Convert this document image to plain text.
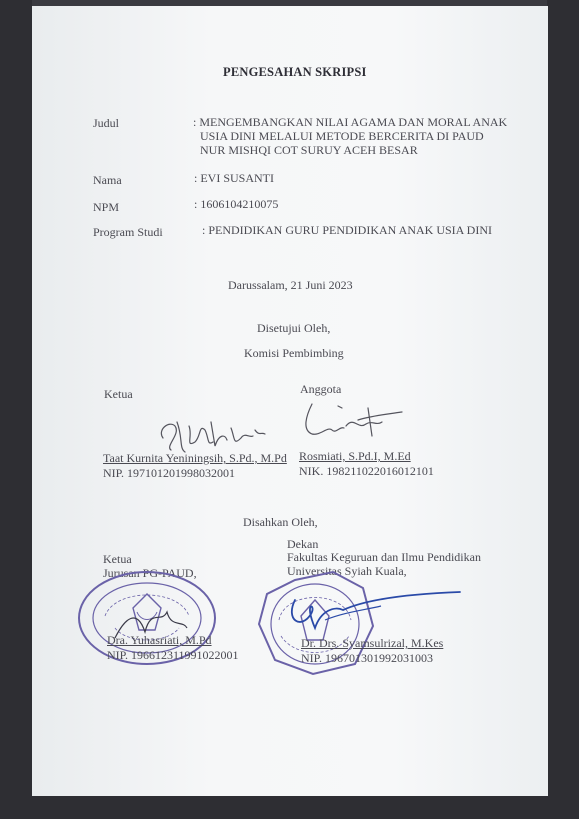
PENGESAHAN SKRIPSI
Judul	: MENGEMBANGKAN NILAI AGAMA DAN MORAL ANAK
USIA DINI MELALUI METODE BERCERITA DI PAUD
NUR MISHQI COT SURUY ACEH BESAR
Nama	: EVI SUSANTI
NPM	: 1606104210075
Program Studi	: PENDIDIKAN GURU PENDIDIKAN ANAK USIA DINI
Darussalam, 21 Juni 2023
Disetujui Oleh,
Komisi Pembimbing
Ketua
Taat Kurnita Yeniningsih, S.Pd., M.Pd
NIP. 197101201998032001
Anggota
Rosmiati, S.Pd.I, M.Ed
NIK. 198211022016012101
Disahkan Oleh,
Dekan
Fakultas Keguruan dan Ilmu Pendidikan
Universitas Syiah Kuala,
Ketua
Jurusan PG-PAUD,
Dra. Yuhasriati, M.Pd
NIP. 196612311991022001
Dr. Drs. Syamsulrizal, M.Kes
NIP. 196701301992031003
